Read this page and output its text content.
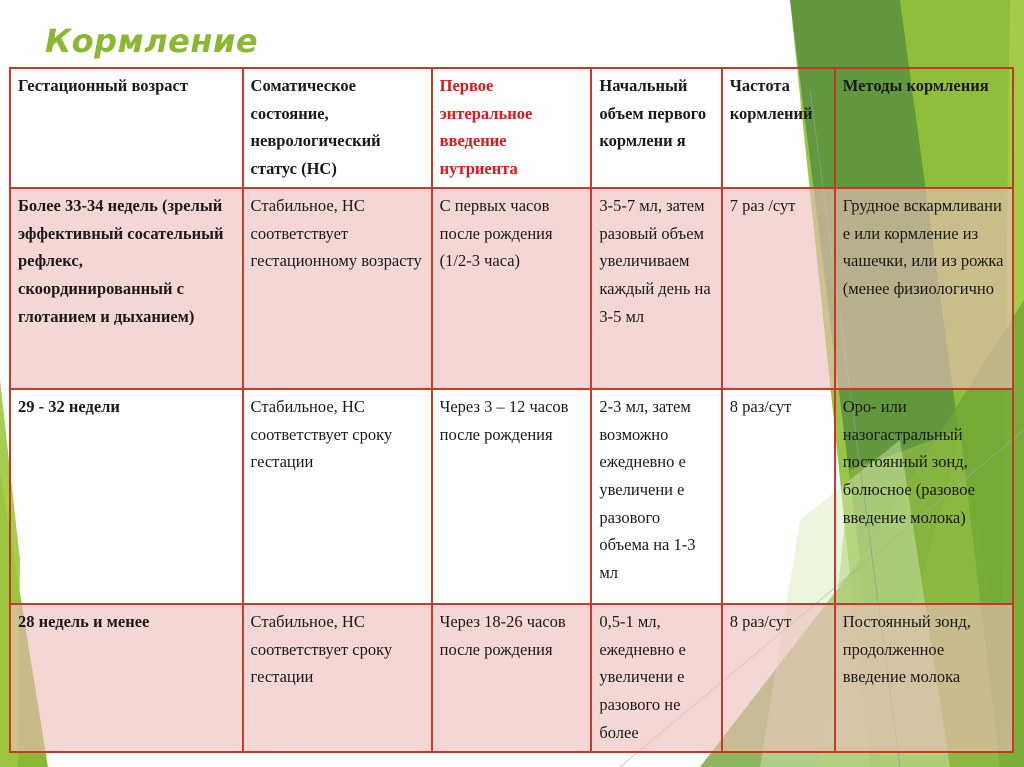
Кормление
Гестационный возраст	Соматическое состояние, неврологический статус (НС)	Первое энтеральное введение нутриента	Начальный объем первого кормлени я	Частота кормлений	Методы кормления
Более 33-34 недель (зрелый эффективный сосательный рефлекс, скоординированный с глотанием и дыханием)	Стабильное, НС соответствует гестационному возрасту	С первых часов после рождения (1/2-3 часа)	3-5-7 мл, затем разовый объем увеличиваем каждый день на 3-5 мл	7 раз /сут	Грудное вскармливани е или кормление из чашечки, или из рожка (менее физиологично
29 - 32 недели	Стабильное, НС соответствует сроку гестации	Через 3 – 12 часов после рождения	2-3 мл, затем возможно ежедневно е увеличени е разового объема на 1-3 мл	8 раз/сут	Оро- или назогастральный постоянный зонд, болюсное (разовое введение молока)
28 недель и менее	Стабильное, НС соответствует сроку гестации	Через 18-26 часов после рождения	0,5-1 мл, ежедневно е увеличени е разового не более	8 раз/сут	Постоянный зонд, продолженное введение молока
